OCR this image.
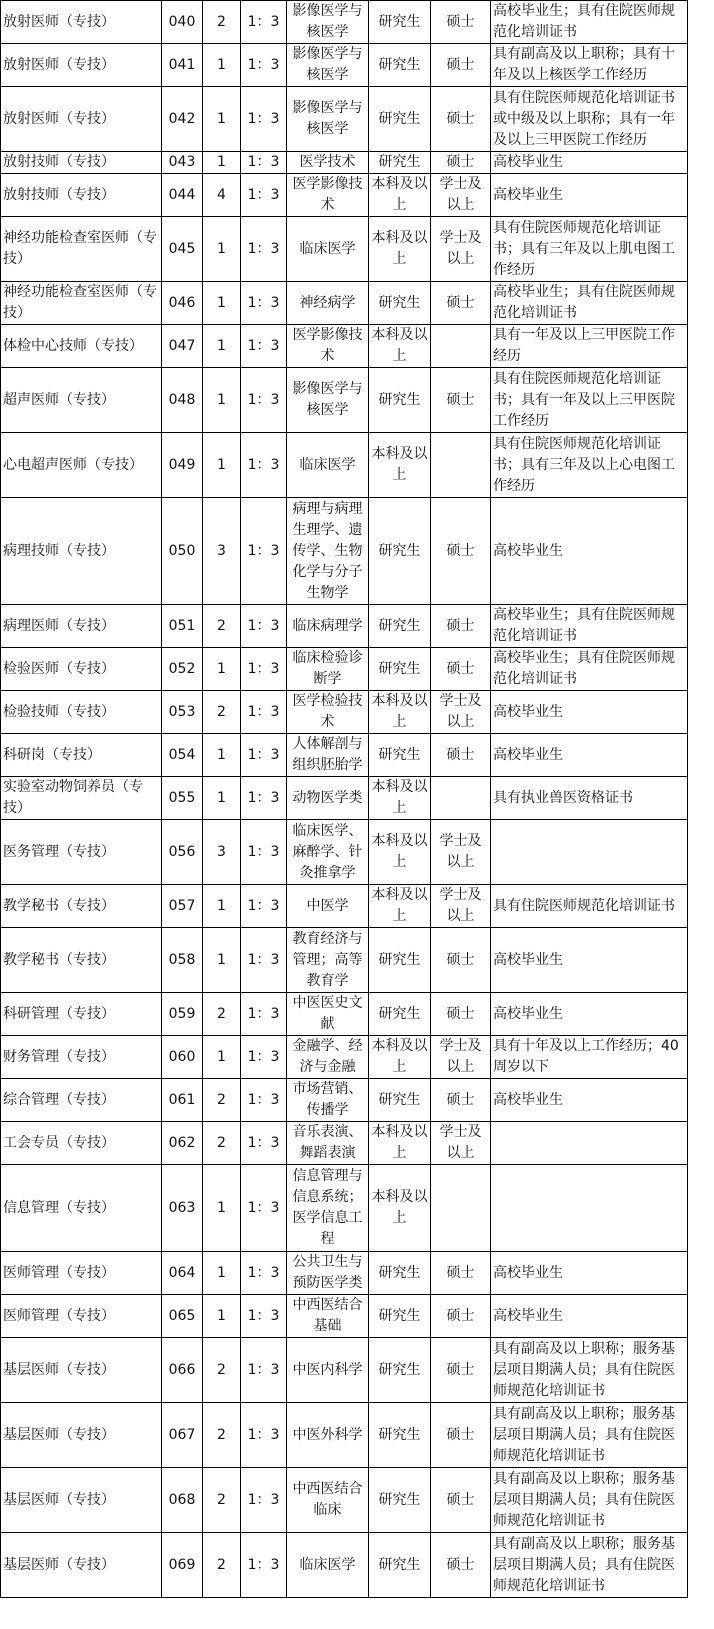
放射医师（专技）	040	2	1：3	影像医学与核医学	研究生	硕士	高校毕业生；具有住院医师规范化培训证书
放射医师（专技）	041	1	1：3	影像医学与核医学	研究生	硕士	具有副高及以上职称；具有十年及以上核医学工作经历
放射医师（专技）	042	1	1：3	影像医学与核医学	研究生	硕士	具有住院医师规范化培训证书或中级及以上职称；具有一年及以上三甲医院工作经历
放射技师（专技）	043	1	1：3	医学技术	研究生	硕士	高校毕业生
放射技师（专技）	044	4	1：3	医学影像技术	本科及以上	学士及以上	高校毕业生
神经功能检查室医师（专技）	045	1	1：3	临床医学	本科及以上	学士及以上	具有住院医师规范化培训证书；具有三年及以上肌电图工作经历
神经功能检查室医师（专技）	046	1	1：3	神经病学	研究生	硕士	高校毕业生；具有住院医师规范化培训证书
体检中心技师（专技）	047	1	1：3	医学影像技术	本科及以上		具有一年及以上三甲医院工作经历
超声医师（专技）	048	1	1：3	影像医学与核医学	研究生	硕士	具有住院医师规范化培训证书；具有一年及以上三甲医院工作经历
心电超声医师（专技）	049	1	1：3	临床医学	本科及以上		具有住院医师规范化培训证书；具有三年及以上心电图工作经历
病理技师（专技）	050	3	1：3	病理与病理生理学、遗传学、生物化学与分子生物学	研究生	硕士	高校毕业生
病理医师（专技）	051	2	1：3	临床病理学	研究生	硕士	高校毕业生；具有住院医师规范化培训证书
检验医师（专技）	052	1	1：3	临床检验诊断学	研究生	硕士	高校毕业生；具有住院医师规范化培训证书
检验技师（专技）	053	2	1：3	医学检验技术	本科及以上	学士及以上	高校毕业生
科研岗（专技）	054	1	1：3	人体解剖与组织胚胎学	研究生	硕士	高校毕业生
实验室动物饲养员（专技）	055	1	1：3	动物医学类	本科及以上		具有执业兽医资格证书
医务管理（专技）	056	3	1：3	临床医学、麻醉学、针灸推拿学	本科及以上	学士及以上	
教学秘书（专技）	057	1	1：3	中医学	本科及以上	学士及以上	具有住院医师规范化培训证书
教学秘书（专技）	058	1	1：3	教育经济与管理；高等教育学	研究生	硕士	高校毕业生
科研管理（专技）	059	2	1：3	中医医史文献	研究生	硕士	高校毕业生
财务管理（专技）	060	1	1：3	金融学、经济与金融	本科及以上	学士及以上	具有十年及以上工作经历；40周岁以下
综合管理（专技）	061	2	1：3	市场营销、传播学	研究生	硕士	高校毕业生
工会专员（专技）	062	2	1：3	音乐表演、舞蹈表演	本科及以上	学士及以上	
信息管理（专技）	063	1	1：3	信息管理与信息系统；医学信息工程	本科及以上		
医师管理（专技）	064	1	1：3	公共卫生与预防医学类	研究生	硕士	高校毕业生
医师管理（专技）	065	1	1：3	中西医结合基础	研究生	硕士	高校毕业生
基层医师（专技）	066	2	1：3	中医内科学	研究生	硕士	具有副高及以上职称；服务基层项目期满人员；具有住院医师规范化培训证书
基层医师（专技）	067	2	1：3	中医外科学	研究生	硕士	具有副高及以上职称；服务基层项目期满人员；具有住院医师规范化培训证书
基层医师（专技）	068	2	1：3	中西医结合临床	研究生	硕士	具有副高及以上职称；服务基层项目期满人员；具有住院医师规范化培训证书
基层医师（专技）	069	2	1：3	临床医学	研究生	硕士	具有副高及以上职称；服务基层项目期满人员；具有住院医师规范化培训证书
